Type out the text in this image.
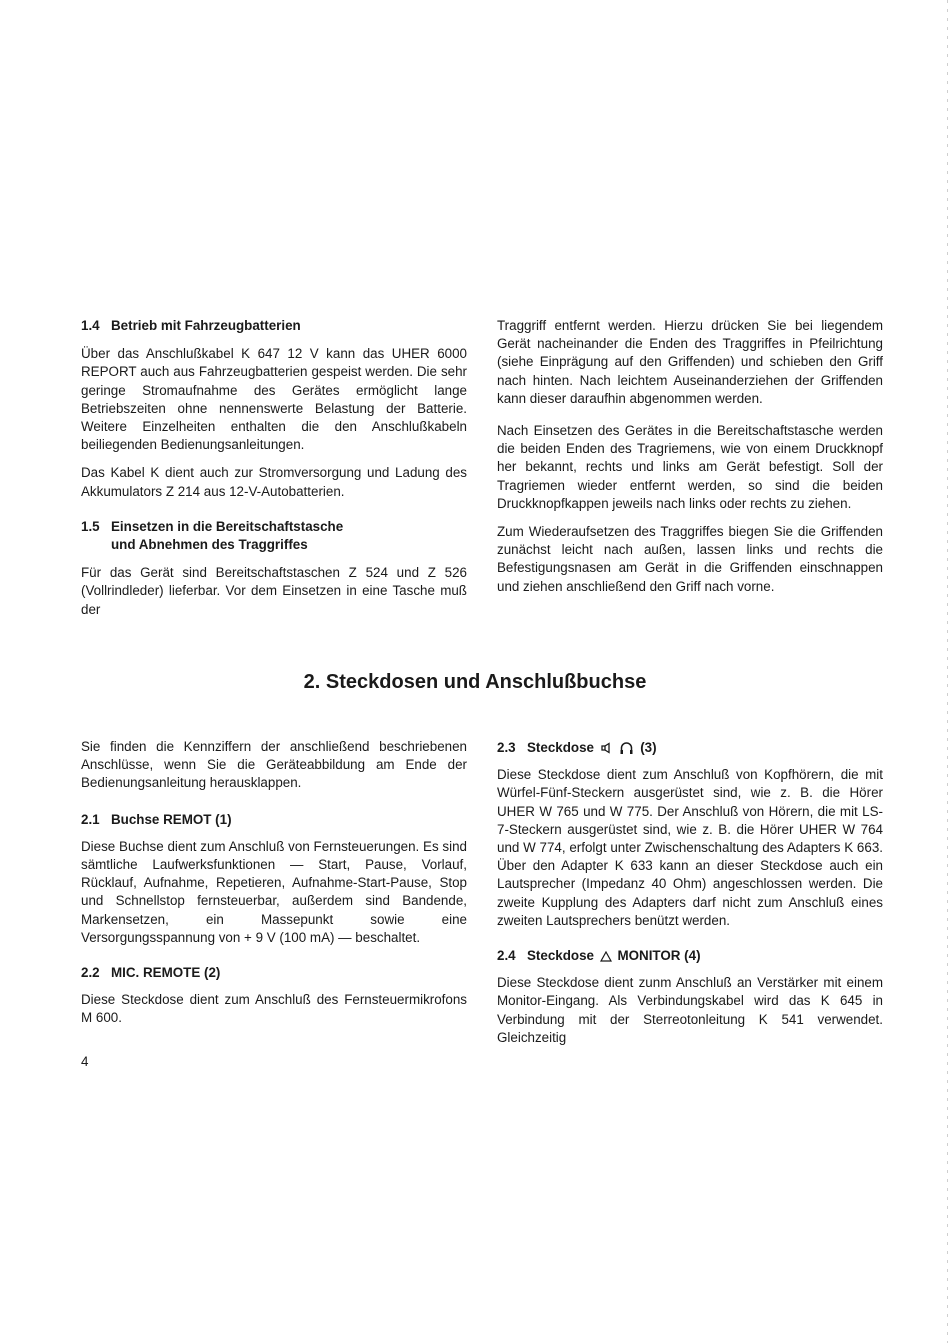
1.4 Betrieb mit Fahrzeugbatterien

Über das Anschlußkabel K 647 12 V kann das UHER 6000 REPORT auch aus Fahrzeugbatterien gespeist werden. Die sehr geringe Stromaufnahme des Gerätes ermöglicht lange Betriebszeiten ohne nennenswerte Belastung der Batterie. Weitere Einzelheiten enthalten die den Anschlußkabeln beiliegenden Bedienungsanleitungen.

Das Kabel K dient auch zur Stromversorgung und Ladung des Akkumulators Z 214 aus 12-V-Autobatterien.

1.5 Einsetzen in die Bereitschaftstasche
und Abnehmen des Traggriffes

Für das Gerät sind Bereitschaftstaschen Z 524 und Z 526 (Vollrindleder) lieferbar. Vor dem Einsetzen in eine Tasche muß der

Traggriff entfernt werden. Hierzu drücken Sie bei liegendem Gerät nacheinander die Enden des Traggriffes in Pfeilrichtung (siehe Einprägung auf den Griffenden) und schieben den Griff nach hinten. Nach leichtem Auseinanderziehen der Griffenden kann dieser daraufhin abgenommen werden.

Nach Einsetzen des Gerätes in die Bereitschaftstasche werden die beiden Enden des Tragriemens, wie von einem Druckknopf her bekannt, rechts und links am Gerät befestigt. Soll der Tragriemen wieder entfernt werden, so sind die beiden Druckknopfkappen jeweils nach links oder rechts zu ziehen.

Zum Wiederaufsetzen des Traggriffes biegen Sie die Griffenden zunächst leicht nach außen, lassen links und rechts die Befestigungsnasen am Gerät in die Griffenden einschnappen und ziehen anschließend den Griff nach vorne.

2. Steckdosen und Anschlußbuchse

Sie finden die Kennziffern der anschließend beschriebenen Anschlüsse, wenn Sie die Geräteabbildung am Ende der Bedienungsanleitung herausklappen.

2.1 Buchse REMOT (1)

Diese Buchse dient zum Anschluß von Fernsteuerungen. Es sind sämtliche Laufwerksfunktionen — Start, Pause, Vorlauf, Rücklauf, Aufnahme, Repetieren, Aufnahme-Start-Pause, Stop und Schnellstop fernsteuerbar, außerdem sind Bandende, Markensetzen, ein Massepunkt sowie eine Versorgungsspannung von + 9 V (100 mA) — beschaltet.

2.2 MIC. REMOTE (2)

Diese Steckdose dient zum Anschluß des Fernsteuermikrofons M 600.

2.3 Steckdose	(3)

Diese Steckdose dient zum Anschluß von Kopfhörern, die mit Würfel-Fünf-Steckern ausgerüstet sind, wie z. B. die Hörer UHER W 765 und W 775. Der Anschluß von Hörern, die mit LS-7-Steckern ausgerüstet sind, wie z. B. die Hörer UHER W 764 und W 774, erfolgt unter Zwischenschaltung des Adapters K 663. Über den Adapter K 633 kann an dieser Steckdose auch ein Lautsprecher (Impedanz 40 Ohm) angeschlossen werden. Die zweite Kupplung des Adapters darf nicht zum Anschluß eines zweiten Lautsprechers benützt werden.

2.4 Steckdose MONITOR (4)

Diese Steckdose dient zunm Anschluß an Verstärker mit einem Monitor-Eingang. Als Verbindungskabel wird das K 645 in Verbindung mit der Sterreotonleitung K 541 verwendet. Gleichzeitig

4
